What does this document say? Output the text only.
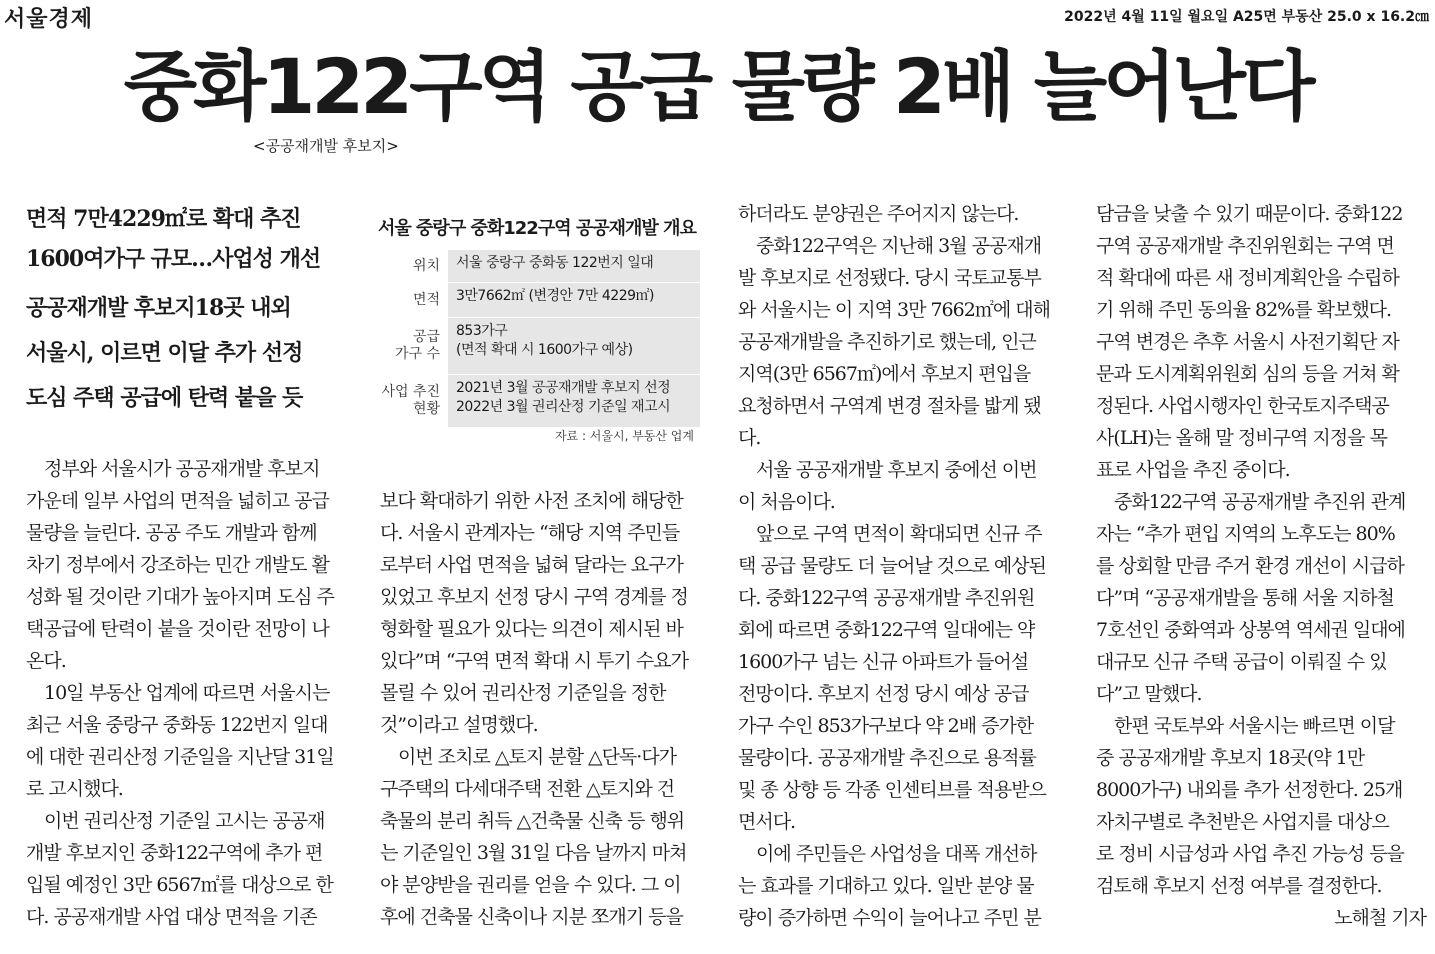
서울경제	2022년 4월 11일 월요일 A25면 부동산 25.0 x 16.2㎝
중화122구역 공급 물량 2배 늘어난다
<공공재개발 후보지>
면적 7만4229㎡로 확대 추진
1600여가구 규모…사업성 개선
공공재개발 후보지18곳 내외
서울시, 이르면 이달 추가 선정
도심 주택 공급에 탄력 붙을 듯
서울 중랑구 중화122구역 공공재개발 개요
위치 서울 중랑구 중화동 122번지 일대
면적 3만7662㎡ (변경안 7만 4229㎡)
공급
가구 수
853가구
(면적 확대 시 1600가구 예상)
사업 추진
현황
2021년 3월 공공재개발 후보지 선정
2022년 3월 권리산정 기준일 재고시
자료 : 서울시, 부동산 업계

　정부와 서울시가 공공재개발 후보지

가운데 일부 사업의 면적을 넓히고 공급

물량을 늘린다. 공공 주도 개발과 함께

차기 정부에서 강조하는 민간 개발도 활

성화 될 것이란 기대가 높아지며 도심 주

택공급에 탄력이 붙을 것이란 전망이 나

온다.

　10일 부동산 업계에 따르면 서울시는

최근 서울 중랑구 중화동 122번지 일대

에 대한 권리산정 기준일을 지난달 31일

로 고시했다.

　이번 권리산정 기준일 고시는 공공재

개발 후보지인 중화122구역에 추가 편

입될 예정인 3만 6567㎡를 대상으로 한

다. 공공재개발 사업 대상 면적을 기존

보다 확대하기 위한 사전 조치에 해당한

다. 서울시 관계자는 “해당 지역 주민들

로부터 사업 면적을 넓혀 달라는 요구가

있었고 후보지 선정 당시 구역 경계를 정

형화할 필요가 있다는 의견이 제시된 바

있다”며 “구역 면적 확대 시 투기 수요가

몰릴 수 있어 권리산정 기준일을 정한

것”이라고 설명했다.

　이번 조치로 △토지 분할 △단독·다가

구주택의 다세대주택 전환 △토지와 건

축물의 분리 취득 △건축물 신축 등 행위

는 기준일인 3월 31일 다음 날까지 마쳐

야 분양받을 권리를 얻을 수 있다. 그 이

후에 건축물 신축이나 지분 쪼개기 등을

하더라도 분양권은 주어지지 않는다.

　중화122구역은 지난해 3월 공공재개

발 후보지로 선정됐다. 당시 국토교통부

와 서울시는 이 지역 3만 7662㎡에 대해

공공재개발을 추진하기로 했는데, 인근

지역(3만 6567㎡)에서 후보지 편입을

요청하면서 구역계 변경 절차를 밟게 됐

다.

　서울 공공재개발 후보지 중에선 이번

이 처음이다.

　앞으로 구역 면적이 확대되면 신규 주

택 공급 물량도 더 늘어날 것으로 예상된

다. 중화122구역 공공재개발 추진위원

회에 따르면 중화122구역 일대에는 약

1600가구 넘는 신규 아파트가 들어설

전망이다. 후보지 선정 당시 예상 공급

가구 수인 853가구보다 약 2배 증가한

물량이다. 공공재개발 추진으로 용적률

및 종 상향 등 각종 인센티브를 적용받으

면서다.

　이에 주민들은 사업성을 대폭 개선하

는 효과를 기대하고 있다. 일반 분양 물

량이 증가하면 수익이 늘어나고 주민 분

담금을 낮출 수 있기 때문이다. 중화122

구역 공공재개발 추진위원회는 구역 면

적 확대에 따른 새 정비계획안을 수립하

기 위해 주민 동의율 82%를 확보했다.

구역 변경은 추후 서울시 사전기획단 자

문과 도시계획위원회 심의 등을 거쳐 확

정된다. 사업시행자인 한국토지주택공

사(LH)는 올해 말 정비구역 지정을 목

표로 사업을 추진 중이다.

　중화122구역 공공재개발 추진위 관계

자는 “추가 편입 지역의 노후도는 80%

를 상회할 만큼 주거 환경 개선이 시급하

다”며 “공공재개발을 통해 서울 지하철

7호선인 중화역과 상봉역 역세권 일대에

대규모 신규 주택 공급이 이뤄질 수 있

다”고 말했다.

　한편 국토부와 서울시는 빠르면 이달

중 공공재개발 후보지 18곳(약 1만

8000가구) 내외를 추가 선정한다. 25개

자치구별로 추천받은 사업지를 대상으

로 정비 시급성과 사업 추진 가능성 등을

검토해 후보지 선정 여부를 결정한다.

노해철 기자
